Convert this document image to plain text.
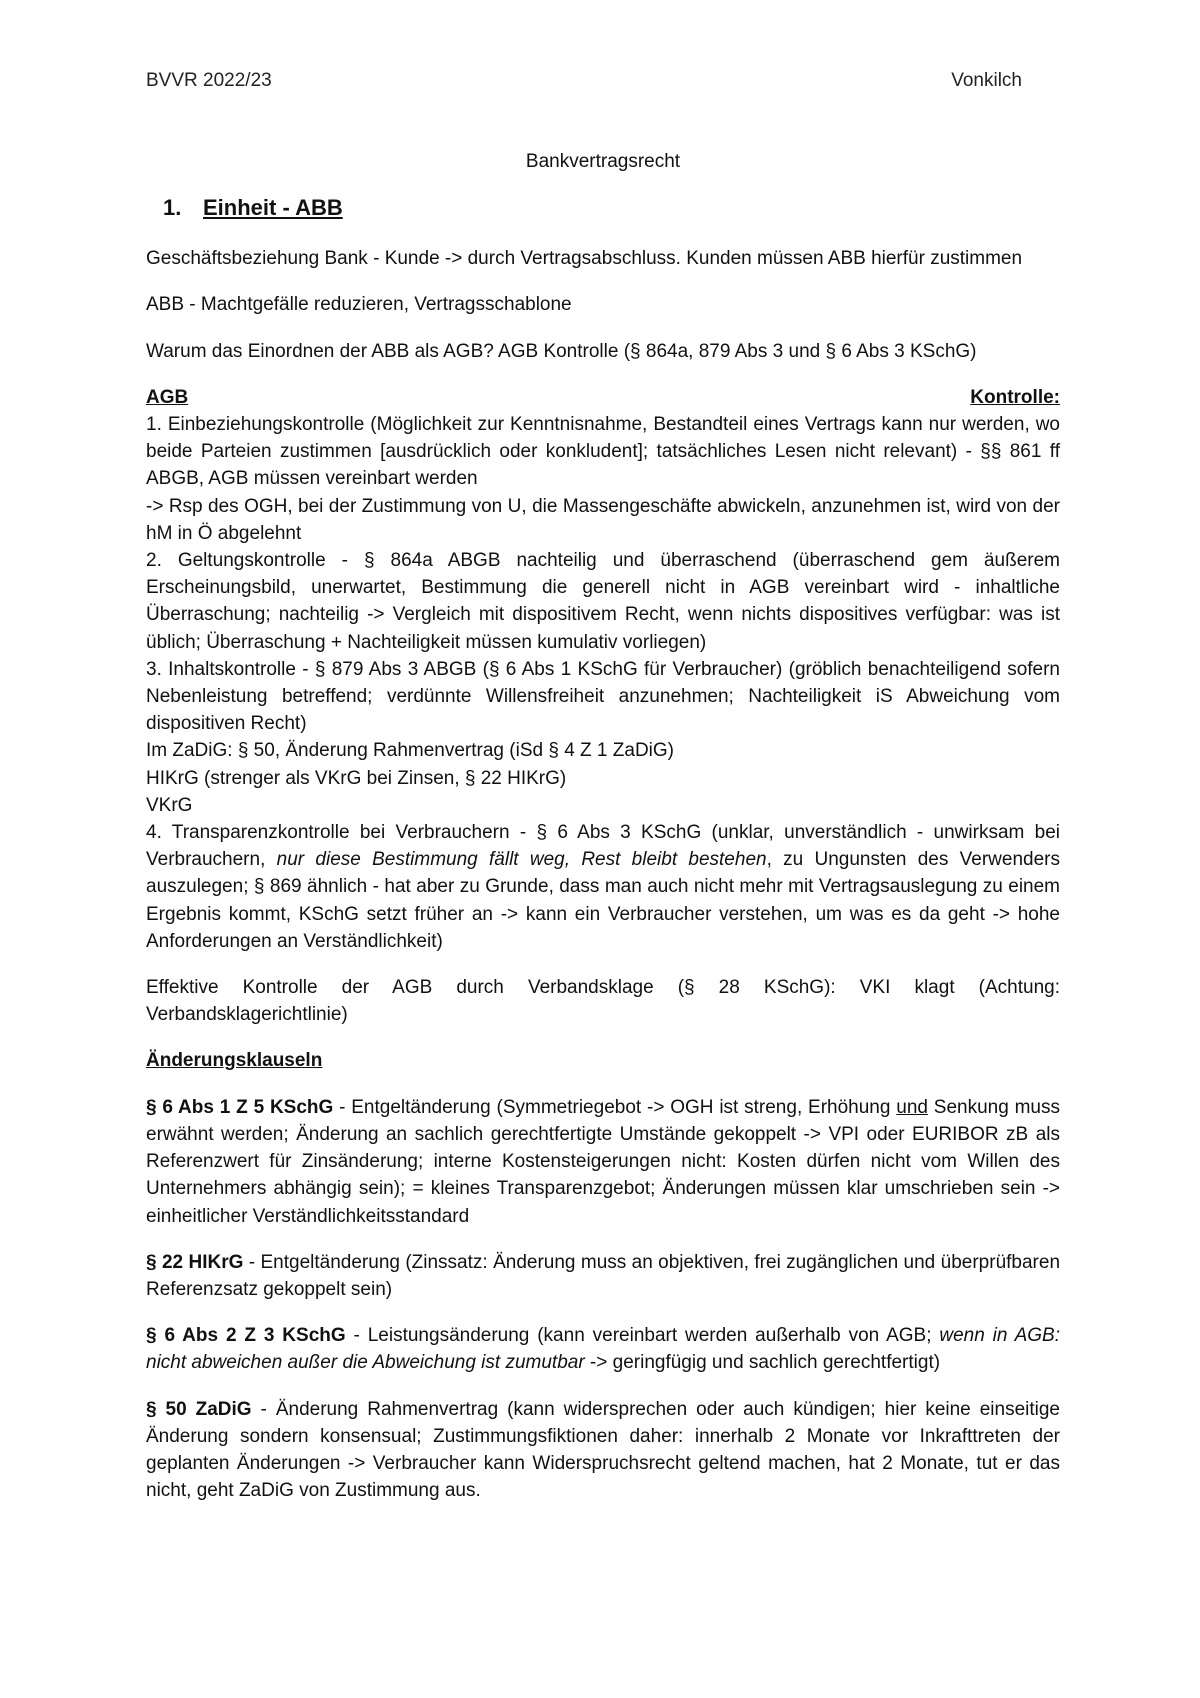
BVVR 2022/23	Vonkilch
Bankvertragsrecht
1. Einheit - ABB

Geschäftsbeziehung Bank - Kunde -> durch Vertragsabschluss. Kunden müssen ABB hierfür zustimmen

ABB - Machtgefälle reduzieren, Vertragsschablone

Warum das Einordnen der ABB als AGB? AGB Kontrolle (§ 864a, 879 Abs 3 und § 6 Abs 3 KSchG)

AGB	Kontrolle:
1. Einbeziehungskontrolle (Möglichkeit zur Kenntnisnahme, Bestandteil eines Vertrags kann nur werden, wo beide Parteien zustimmen [ausdrücklich oder konkludent]; tatsächliches Lesen nicht relevant) - §§ 861 ff ABGB, AGB müssen vereinbart werden
-> Rsp des OGH, bei der Zustimmung von U, die Massengeschäfte abwickeln, anzunehmen ist, wird von der hM in Ö abgelehnt
2. Geltungskontrolle - § 864a ABGB nachteilig und überraschend (überraschend gem äußerem Erscheinungsbild, unerwartet, Bestimmung die generell nicht in AGB vereinbart wird - inhaltliche Überraschung; nachteilig -> Vergleich mit dispositivem Recht, wenn nichts dispositives verfügbar: was ist üblich; Überraschung + Nachteiligkeit müssen kumulativ vorliegen)
3. Inhaltskontrolle - § 879 Abs 3 ABGB (§ 6 Abs 1 KSchG für Verbraucher) (gröblich benachteiligend sofern Nebenleistung betreffend; verdünnte Willensfreiheit anzunehmen; Nachteiligkeit iS Abweichung vom dispositiven Recht)
Im ZaDiG: § 50, Änderung Rahmenvertrag (iSd § 4 Z 1 ZaDiG)
HIKrG (strenger als VKrG bei Zinsen, § 22 HIKrG)
VKrG
4. Transparenzkontrolle bei Verbrauchern - § 6 Abs 3 KSchG (unklar, unverständlich - unwirksam bei Verbrauchern, nur diese Bestimmung fällt weg, Rest bleibt bestehen, zu Ungunsten des Verwenders auszulegen; § 869 ähnlich - hat aber zu Grunde, dass man auch nicht mehr mit Vertragsauslegung zu einem Ergebnis kommt, KSchG setzt früher an -> kann ein Verbraucher verstehen, um was es da geht -> hohe Anforderungen an Verständlichkeit)

Effektive Kontrolle der AGB durch Verbandsklage (§ 28 KSchG): VKI klagt (Achtung: Verbandsklagerichtlinie)

Änderungsklauseln

§ 6 Abs 1 Z 5 KSchG - Entgeltänderung (Symmetriegebot -> OGH ist streng, Erhöhung und Senkung muss erwähnt werden; Änderung an sachlich gerechtfertigte Umstände gekoppelt -> VPI oder EURIBOR zB als Referenzwert für Zinsänderung; interne Kostensteigerungen nicht: Kosten dürfen nicht vom Willen des Unternehmers abhängig sein); = kleines Transparenzgebot; Änderungen müssen klar umschrieben sein -> einheitlicher Verständlichkeitsstandard

§ 22 HIKrG - Entgeltänderung (Zinssatz: Änderung muss an objektiven, frei zugänglichen und überprüfbaren Referenzsatz gekoppelt sein)

§ 6 Abs 2 Z 3 KSchG - Leistungsänderung (kann vereinbart werden außerhalb von AGB; wenn in AGB: nicht abweichen außer die Abweichung ist zumutbar -> geringfügig und sachlich gerechtfertigt)

§ 50 ZaDiG - Änderung Rahmenvertrag (kann widersprechen oder auch kündigen; hier keine einseitige Änderung sondern konsensual; Zustimmungsfiktionen daher: innerhalb 2 Monate vor Inkrafttreten der geplanten Änderungen -> Verbraucher kann Widerspruchsrecht geltend machen, hat 2 Monate, tut er das nicht, geht ZaDiG von Zustimmung aus.
